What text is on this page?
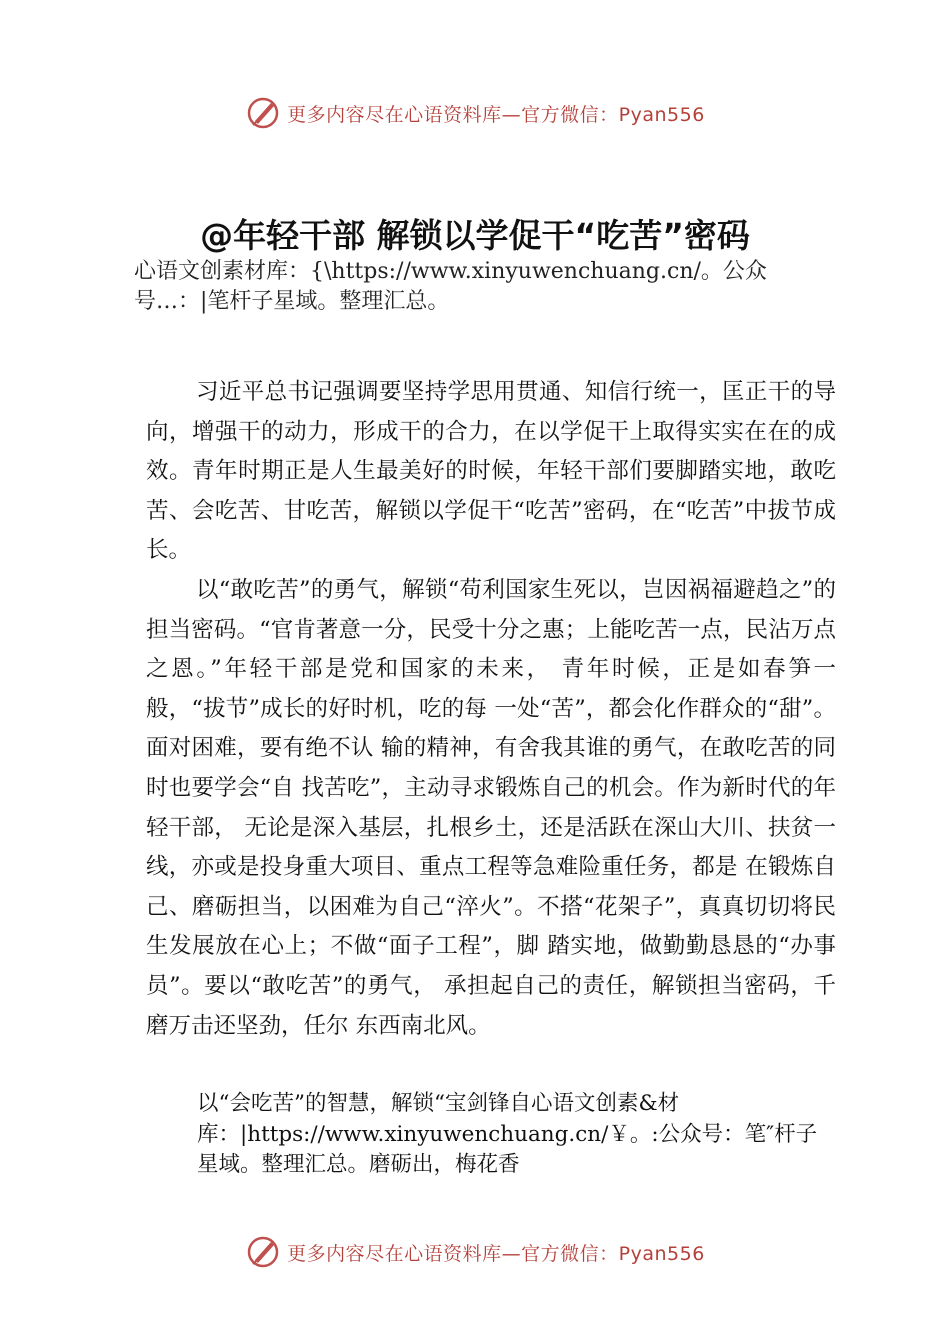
更多内容尽在心语资料库—官方微信：Pyan556
@年轻干部 解锁以学促干“吃苦”密码
心语文创素材库：{\https://www.xinyuwenchuang.cn/。公众号…：|笔杆子星域。整理汇总。

习近平总书记强调要坚持学思用贯通、知信行统一，匡正干的导向，增强干的动力，形成干的合力，在以学促干上取得实实在在的成效。青年时期正是人生最美好的时候，年轻干部们要脚踏实地，敢吃苦、会吃苦、甘吃苦，解锁以学促干“吃苦”密码，在“吃苦”中拔节成长。

以“敢吃苦”的勇气，解锁“苟利国家生死以，岂因祸福避趋之”的担当密码。“官肯著意一分，民受十分之惠；上能吃苦一点，民沾万点之恩。”年轻干部是党和国家的未来， 青年时候，正是如春笋一般，“拔节”成长的好时机，吃的每 一处“苦”，都会化作群众的“甜”。面对困难，要有绝不认 输的精神，有舍我其谁的勇气，在敢吃苦的同时也要学会“自 找苦吃”，主动寻求锻炼自己的机会。作为新时代的年轻干部， 无论是深入基层，扎根乡土，还是活跃在深山大川、扶贫一 线，亦或是投身重大项目、重点工程等急难险重任务，都是 在锻炼自己、磨砺担当，以困难为自己“淬火”。不搭“花架子”，真真切切将民生发展放在心上；不做“面子工程”，脚 踏实地，做勤勤恳恳的“办事员”。要以“敢吃苦”的勇气， 承担起自己的责任，解锁担当密码，千磨万击还坚劲，任尔 东西南北风。

以“会吃苦”的智慧，解锁“宝剑锋自心语文创素&材库：|https://www.xinyuwenchuang.cn/￥。:公众号：笔″杆子星域。整理汇总。磨砺出，梅花香

更多内容尽在心语资料库—官方微信：Pyan556
